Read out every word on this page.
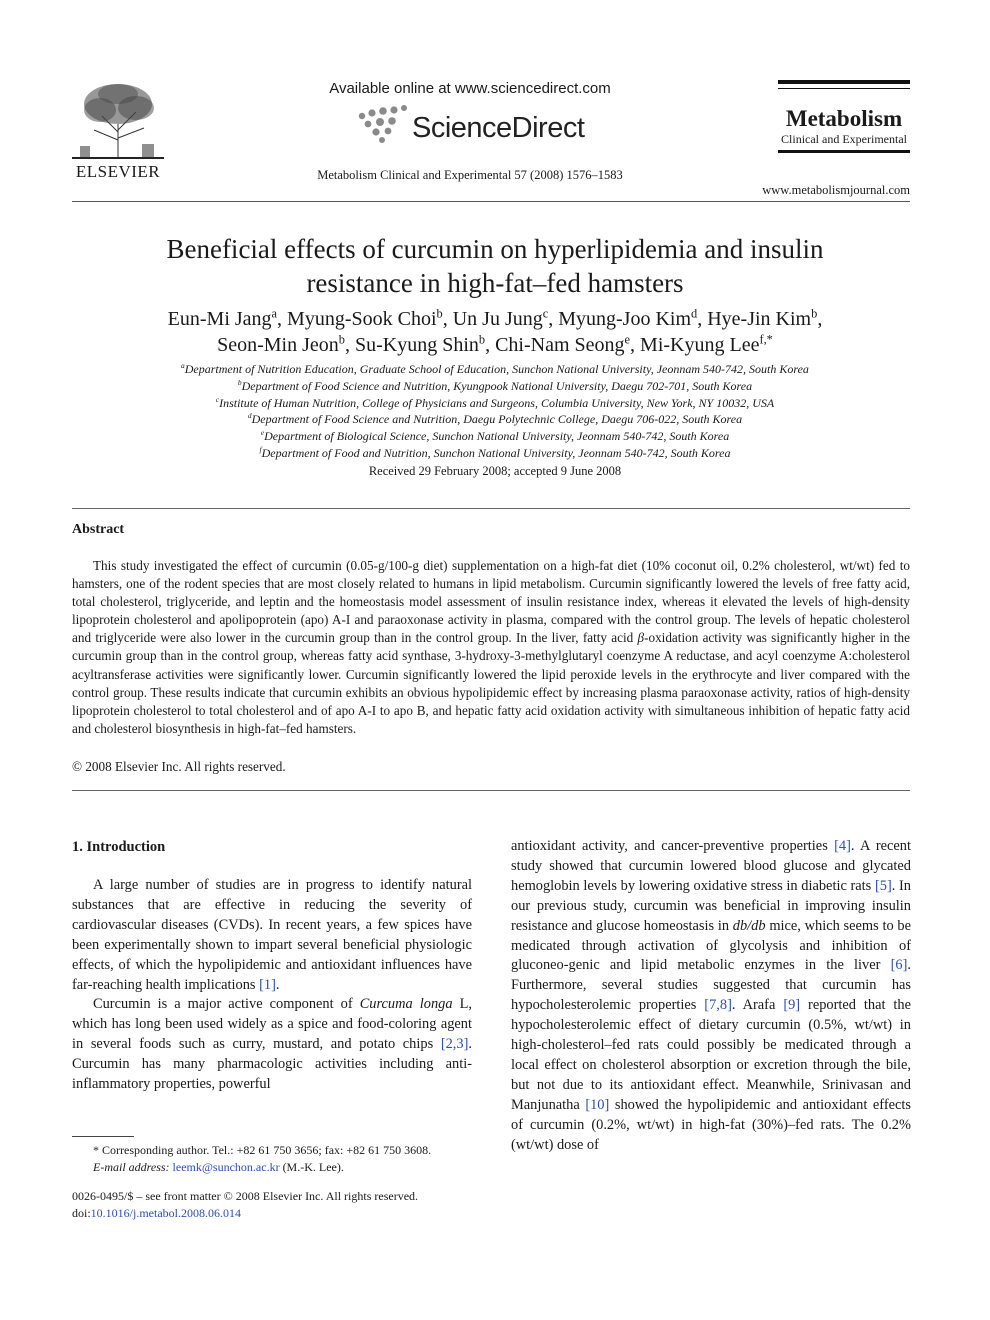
ELSEVIER
Available online at www.sciencedirect.com
ScienceDirect
Metabolism Clinical and Experimental 57 (2008) 1576–1583
Metabolism
Clinical and Experimental
www.metabolismjournal.com
Beneficial effects of curcumin on hyperlipidemia and insulin
resistance in high-fat–fed hamsters
Eun-Mi Jang$^a$, Myung-Sook Choi$^b$, Un Ju Jung$^c$, Myung-Joo Kim$^d$, Hye-Jin Kim$^b$,
Seon-Min Jeon$^b$, Su-Kyung Shin$^b$, Chi-Nam Seong$^e$, Mi-Kyung Lee$^{f,*}$
$^a$Department of Nutrition Education, Graduate School of Education, Sunchon National University, Jeonnam 540-742, South Korea
$^b$Department of Food Science and Nutrition, Kyungpook National University, Daegu 702-701, South Korea
$^c$Institute of Human Nutrition, College of Physicians and Surgeons, Columbia University, New York, NY 10032, USA
$^d$Department of Food Science and Nutrition, Daegu Polytechnic College, Daegu 706-022, South Korea
$^e$Department of Biological Science, Sunchon National University, Jeonnam 540-742, South Korea
$^f$Department of Food and Nutrition, Sunchon National University, Jeonnam 540-742, South Korea
Received 29 February 2008; accepted 9 June 2008
Abstract
This study investigated the effect of curcumin (0.05-g/100-g diet) supplementation on a high-fat diet (10% coconut oil, 0.2% cholesterol, wt/wt) fed to hamsters, one of the rodent species that are most closely related to humans in lipid metabolism. Curcumin significantly lowered the levels of free fatty acid, total cholesterol, triglyceride, and leptin and the homeostasis model assessment of insulin resistance index, whereas it elevated the levels of high-density lipoprotein cholesterol and apolipoprotein (apo) A-I and paraoxonase activity in plasma, compared with the control group. The levels of hepatic cholesterol and triglyceride were also lower in the curcumin group than in the control group. In the liver, fatty acid β-oxidation activity was significantly higher in the curcumin group than in the control group, whereas fatty acid synthase, 3-hydroxy-3-methylglutaryl coenzyme A reductase, and acyl coenzyme A:cholesterol acyltransferase activities were significantly lower. Curcumin significantly lowered the lipid peroxide levels in the erythrocyte and liver compared with the control group. These results indicate that curcumin exhibits an obvious hypolipidemic effect by increasing plasma paraoxonase activity, ratios of high-density lipoprotein cholesterol to total cholesterol and of apo A-I to apo B, and hepatic fatty acid oxidation activity with simultaneous inhibition of hepatic fatty acid and cholesterol biosynthesis in high-fat–fed hamsters.
© 2008 Elsevier Inc. All rights reserved.
1. Introduction

A large number of studies are in progress to identify natural substances that are effective in reducing the severity of cardiovascular diseases (CVDs). In recent years, a few spices have been experimentally shown to impart several beneficial physiologic effects, of which the hypolipidemic and antioxidant influences have far-reaching health implications [1].

Curcumin is a major active component of Curcuma longa L, which has long been used widely as a spice and food-coloring agent in several foods such as curry, mustard, and potato chips [2,3]. Curcumin has many pharmacologic activities including anti-inflammatory properties, powerful

antioxidant activity, and cancer-preventive properties [4]. A recent study showed that curcumin lowered blood glucose and glycated hemoglobin levels by lowering oxidative stress in diabetic rats [5]. In our previous study, curcumin was beneficial in improving insulin resistance and glucose homeostasis in db/db mice, which seems to be medicated through activation of glycolysis and inhibition of gluconeo-genic and lipid metabolic enzymes in the liver [6]. Furthermore, several studies suggested that curcumin has hypocholesterolemic properties [7,8]. Arafa [9] reported that the hypocholesterolemic effect of dietary curcumin (0.5%, wt/wt) in high-cholesterol–fed rats could possibly be medicated through a local effect on cholesterol absorption or excretion through the bile, but not due to its antioxidant effect. Meanwhile, Srinivasan and Manjunatha [10] showed the hypolipidemic and antioxidant effects of curcumin (0.2%, wt/wt) in high-fat (30%)–fed rats. The 0.2% (wt/wt) dose of

* Corresponding author. Tel.: +82 61 750 3656; fax: +82 61 750 3608.
E-mail address: leemk@sunchon.ac.kr (M.-K. Lee).
0026-0495/$ – see front matter © 2008 Elsevier Inc. All rights reserved.
doi:10.1016/j.metabol.2008.06.014
